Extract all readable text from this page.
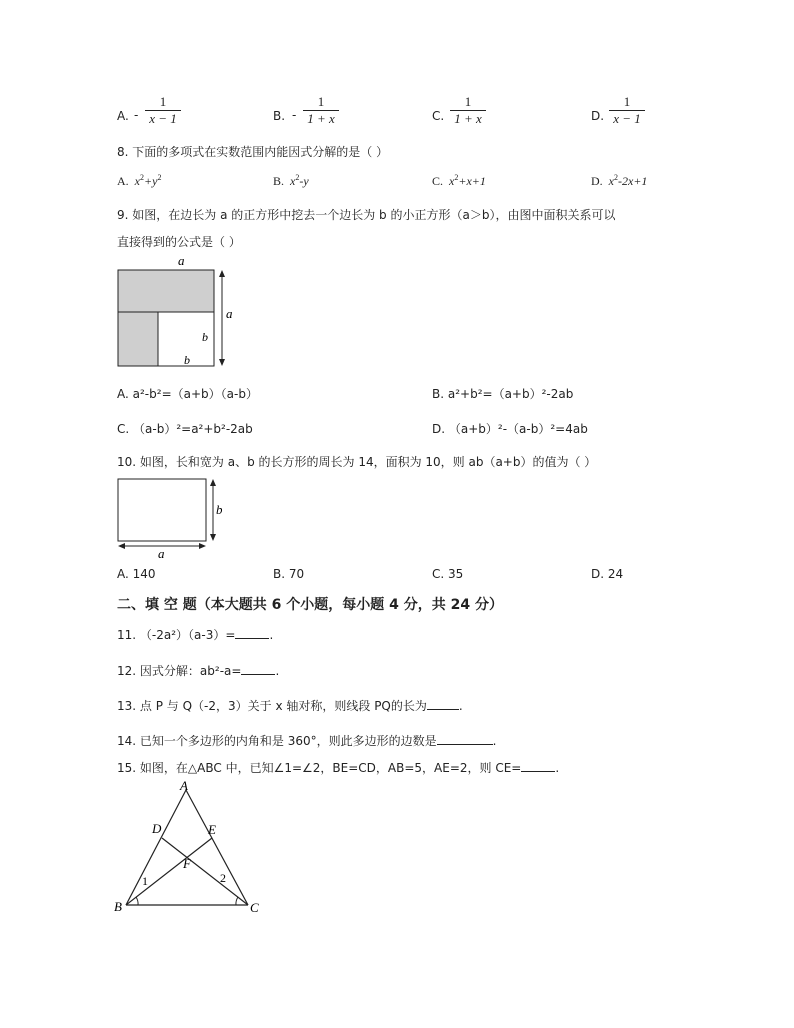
A. -
1
x − 1	B. -
1
1 + x	C.
1
1 + x	D.
1
x − 1
8. 下面的多项式在实数范围内能因式分解的是（ ）
A. $x^2+y^2$	B. $x^2-y$	C. $x^2+x+1$	D. $x^2-2x+1$
9. 如图，在边长为 a 的正方形中挖去一个边长为 b 的小正方形（a＞b），由图中面积关系可以
直接得到的公式是（ ）
a
a
b
b
A. a²-b²=（a+b）（a-b）	B. a²+b²=（a+b）²-2ab
C. （a-b）²=a²+b²-2ab	D. （a+b）²-（a-b）²=4ab
10. 如图，长和宽为 a、b 的长方形的周长为 14，面积为 10，则 ab（a+b）的值为（ ）
b
a
A. 140	B. 70	C. 35	D. 24
二、填 空 题（本大题共 6 个小题，每小题 4 分，共 24 分）
11. （-2a²）（a-3）=	.
12. 因式分解：ab²-a=	.
13. 点 P 与 Q（-2，3）关于 x 轴对称，则线段 PQ的长为	.
14. 已知一个多边形的内角和是 360°，则此多边形的边数是	.
15. 如图，在△ABC 中，已知∠1=∠2，BE=CD，AB=5，AE=2，则 CE=	.
A
B	C
D	E
F
1	2
